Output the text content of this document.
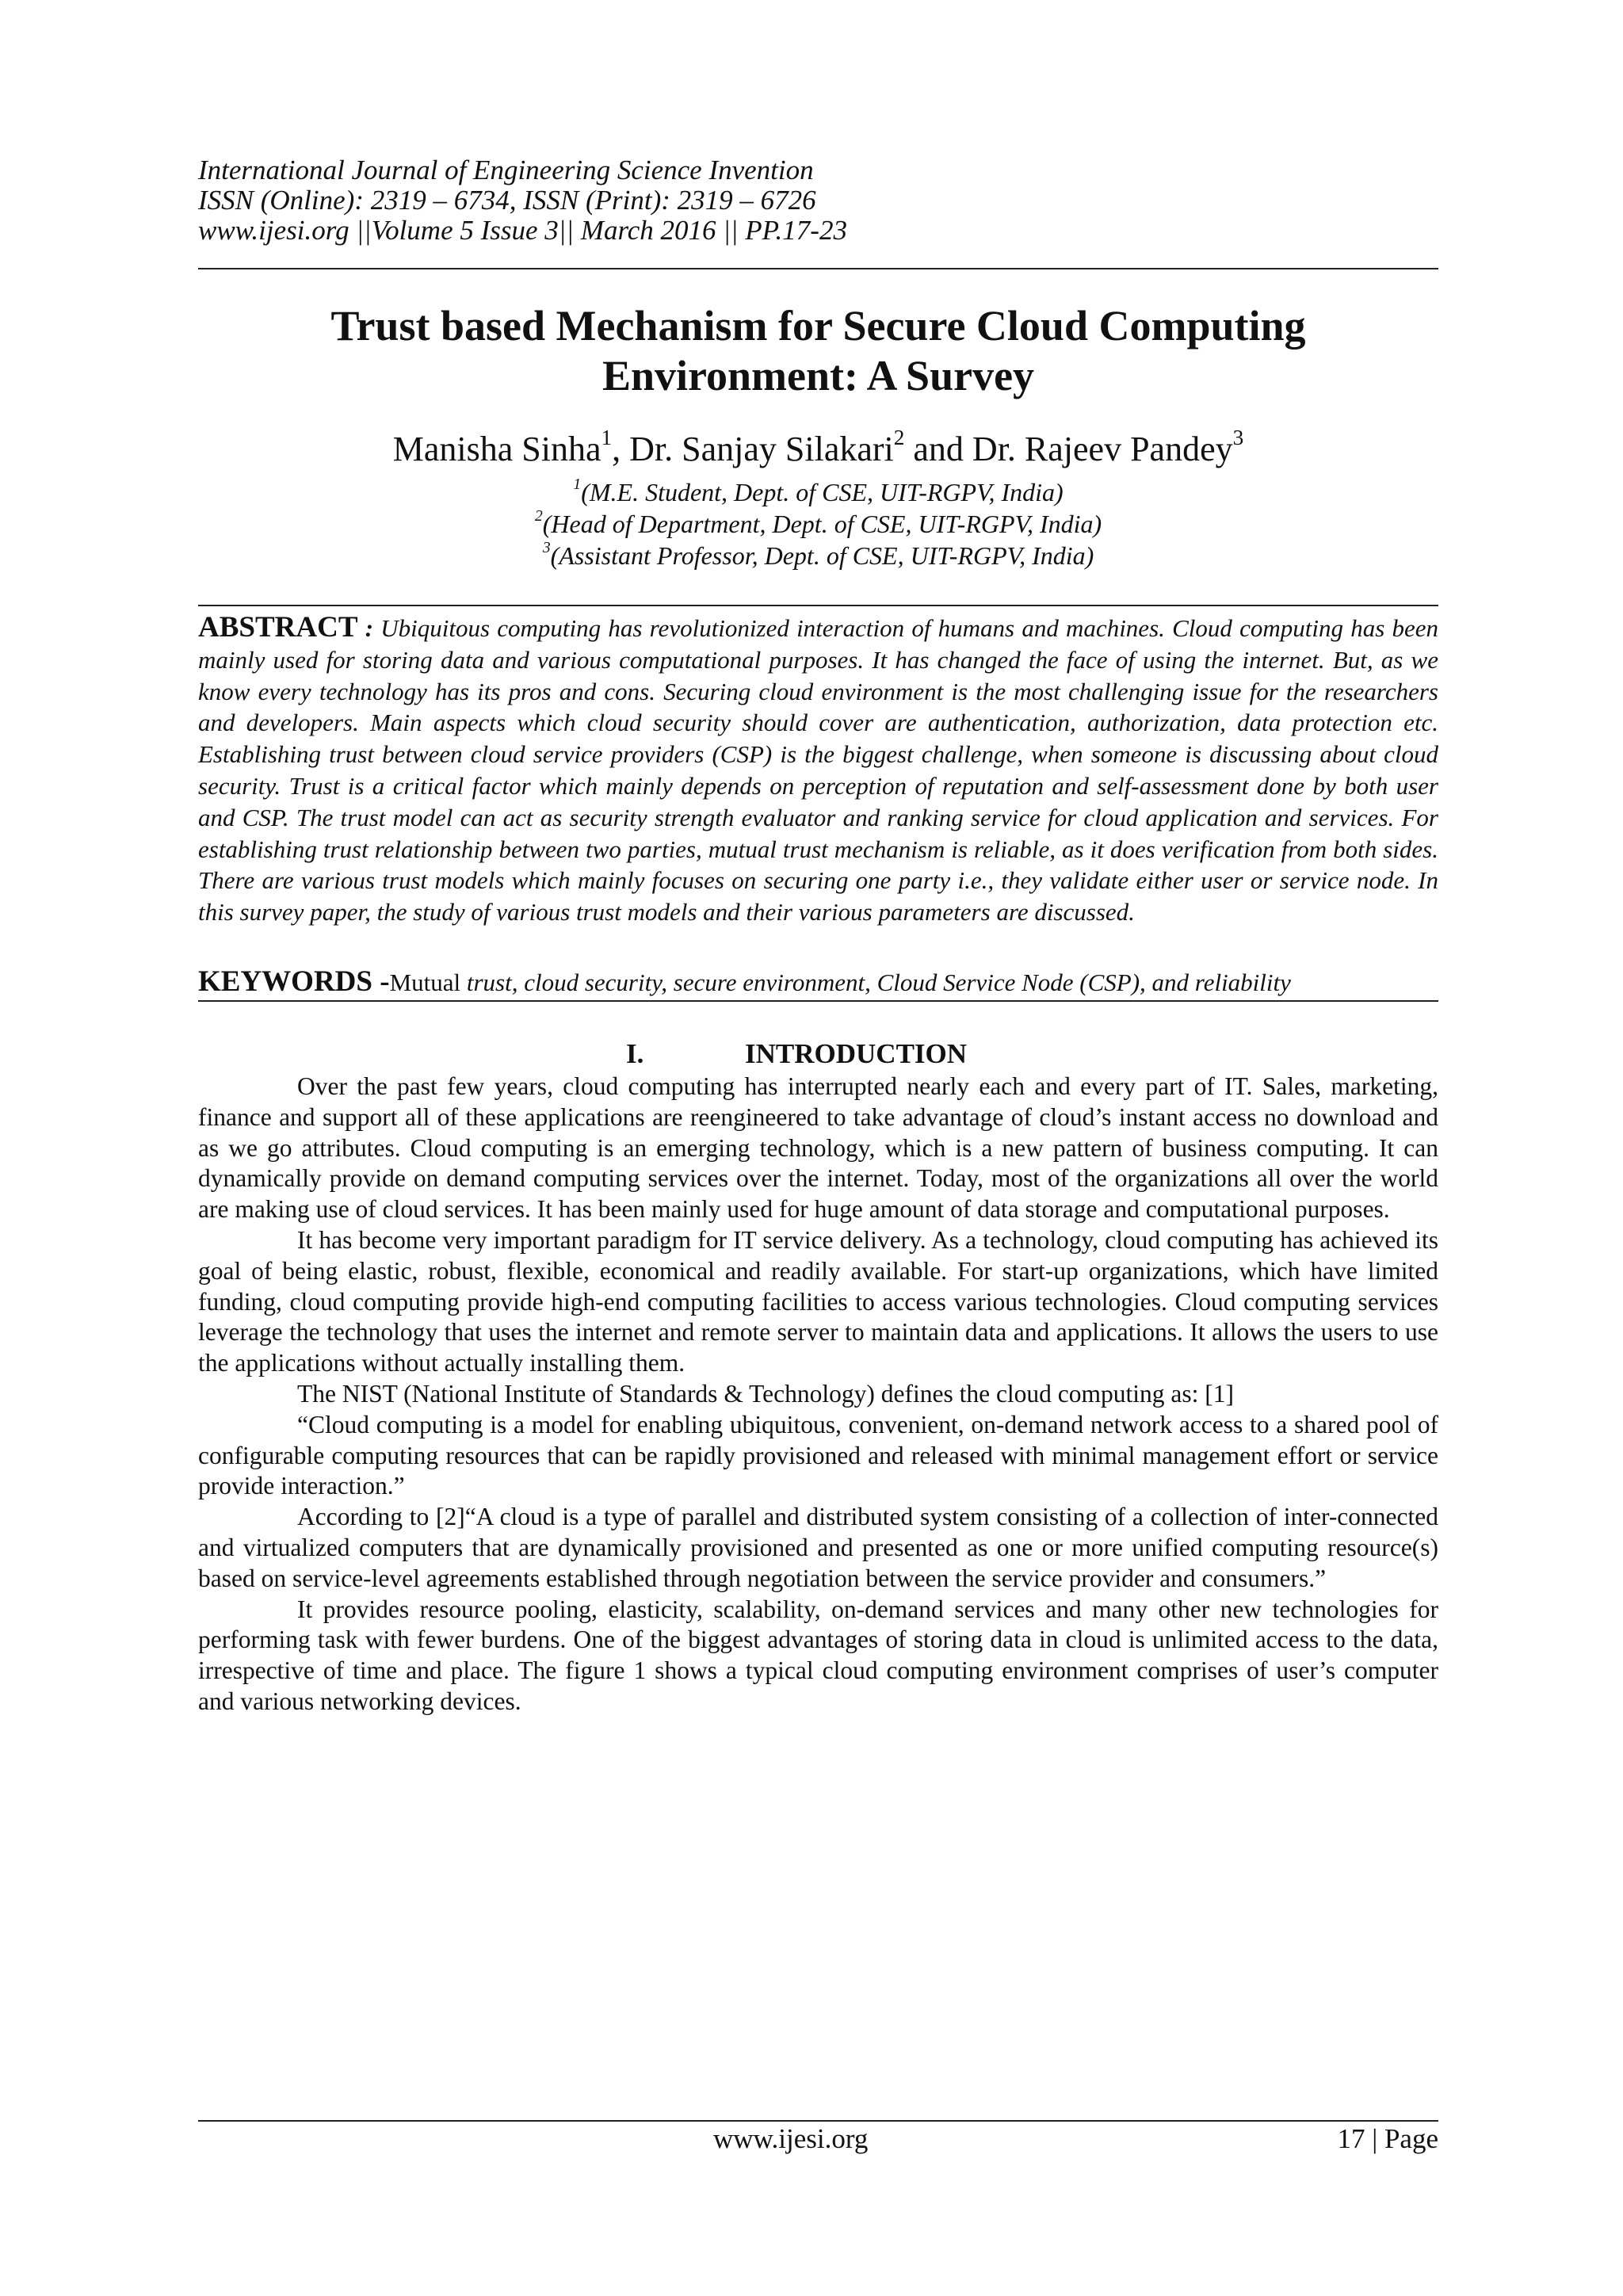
International Journal of Engineering Science Invention
ISSN (Online): 2319 – 6734, ISSN (Print): 2319 – 6726
www.ijesi.org ||Volume 5 Issue 3|| March 2016 || PP.17-23
Trust based Mechanism for Secure Cloud Computing
Environment: A Survey
Manisha Sinha$^1$, Dr. Sanjay Silakari$^2$ and Dr. Rajeev Pandey$^3$
$^1$(M.E. Student, Dept. of CSE, UIT-RGPV, India)
$^2$(Head of Department, Dept. of CSE, UIT-RGPV, India)
$^3$(Assistant Professor, Dept. of CSE, UIT-RGPV, India)
ABSTRACT : Ubiquitous computing has revolutionized interaction of humans and machines. Cloud computing has been mainly used for storing data and various computational purposes. It has changed the face of using the internet. But, as we know every technology has its pros and cons. Securing cloud environment is the most challenging issue for the researchers and developers. Main aspects which cloud security should cover are authentication, authorization, data protection etc. Establishing trust between cloud service providers (CSP) is the biggest challenge, when someone is discussing about cloud security. Trust is a critical factor which mainly depends on perception of reputation and self-assessment done by both user and CSP. The trust model can act as security strength evaluator and ranking service for cloud application and services. For establishing trust relationship between two parties, mutual trust mechanism is reliable, as it does verification from both sides. There are various trust models which mainly focuses on securing one party i.e., they validate either user or service node. In this survey paper, the study of various trust models and their various parameters are discussed.
KEYWORDS -Mutual trust, cloud security, secure environment, Cloud Service Node (CSP), and reliability
I.	INTRODUCTION

Over the past few years, cloud computing has interrupted nearly each and every part of IT. Sales, marketing, finance and support all of these applications are reengineered to take advantage of cloud’s instant access no download and as we go attributes. Cloud computing is an emerging technology, which is a new pattern of business computing. It can dynamically provide on demand computing services over the internet. Today, most of the organizations all over the world are making use of cloud services. It has been mainly used for huge amount of data storage and computational purposes.

It has become very important paradigm for IT service delivery. As a technology, cloud computing has achieved its goal of being elastic, robust, flexible, economical and readily available. For start-up organizations, which have limited funding, cloud computing provide high-end computing facilities to access various technologies. Cloud computing services leverage the technology that uses the internet and remote server to maintain data and applications. It allows the users to use the applications without actually installing them.

The NIST (National Institute of Standards & Technology) defines the cloud computing as: [1]

“Cloud computing is a model for enabling ubiquitous, convenient, on-demand network access to a shared pool of configurable computing resources that can be rapidly provisioned and released with minimal management effort or service provide interaction.”

According to [2]“A cloud is a type of parallel and distributed system consisting of a collection of inter-connected and virtualized computers that are dynamically provisioned and presented as one or more unified computing resource(s) based on service-level agreements established through negotiation between the service provider and consumers.”

It provides resource pooling, elasticity, scalability, on-demand services and many other new technologies for performing task with fewer burdens. One of the biggest advantages of storing data in cloud is unlimited access to the data, irrespective of time and place. The figure 1 shows a typical cloud computing environment comprises of user’s computer and various networking devices.

www.ijesi.org	17 | Page
